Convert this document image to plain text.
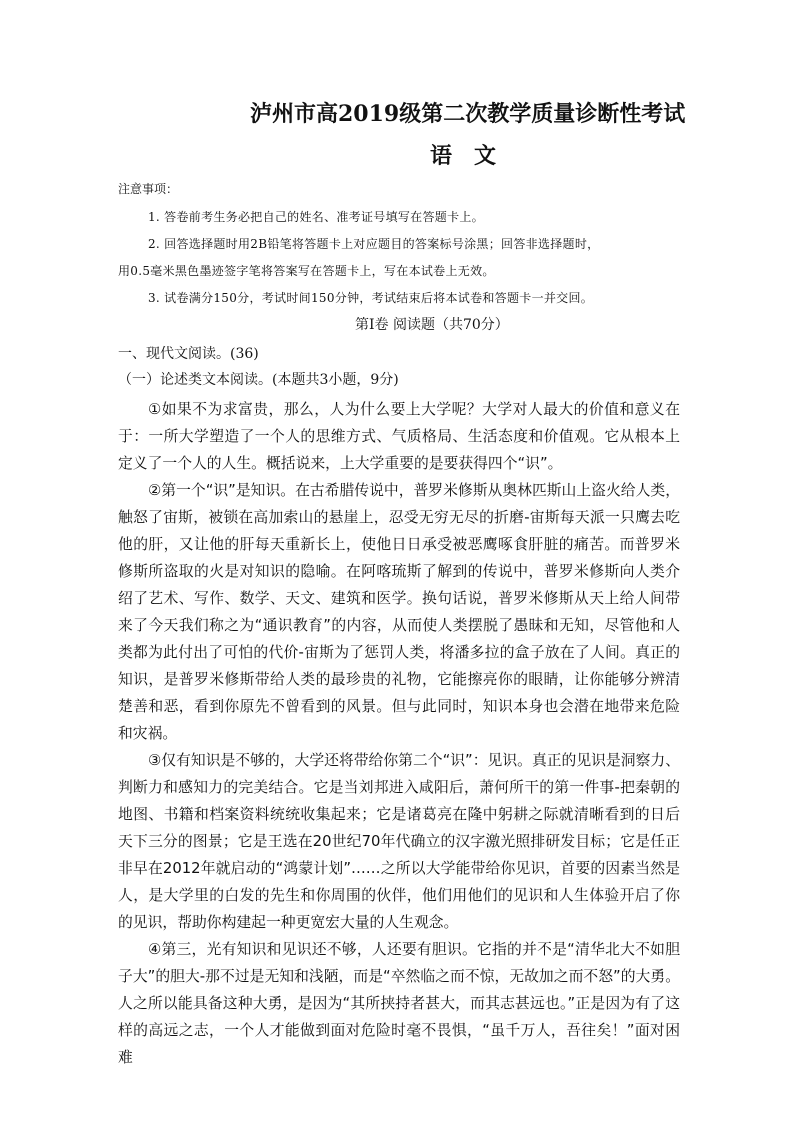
泸州市高2019级第二次教学质量诊断性考试
语　文
注意事项：
1. 答卷前考生务必把自己的姓名、准考证号填写在答题卡上。
2. 回答选择题时用2B铅笔将答题卡上对应题目的答案标号涂黑；回答非选择题时，
用0.5毫米黑色墨迹签字笔将答案写在答题卡上，写在本试卷上无效。
3. 试卷满分150分，考试时间150分钟，考试结束后将本试卷和答题卡一并交回。
第I卷 阅读题（共70分）
一、现代文阅读。(36)
（一）论述类文本阅读。(本题共3小题，9分)

①如果不为求富贵，那么，人为什么要上大学呢？大学对人最大的价值和意义在于：一所大学塑造了一个人的思维方式、气质格局、生活态度和价值观。它从根本上定义了一个人的人生。概括说来，上大学重要的是要获得四个“识”。

②第一个“识”是知识。在古希腊传说中，普罗米修斯从奥林匹斯山上盗火给人类，触怒了宙斯，被锁在高加索山的悬崖上，忍受无穷无尽的折磨-宙斯每天派一只鹰去吃他的肝，又让他的肝每天重新长上，使他日日承受被恶鹰啄食肝脏的痛苦。而普罗米修斯所盗取的火是对知识的隐喻。在阿喀琉斯了解到的传说中，普罗米修斯向人类介绍了艺术、写作、数学、天文、建筑和医学。换句话说，普罗米修斯从天上给人间带来了今天我们称之为“通识教育”的内容，从而使人类摆脱了愚昧和无知，尽管他和人类都为此付出了可怕的代价-宙斯为了惩罚人类，将潘多拉的盒子放在了人间。真正的知识，是普罗米修斯带给人类的最珍贵的礼物，它能擦亮你的眼睛，让你能够分辨清楚善和恶，看到你原先不曾看到的风景。但与此同时，知识本身也会潜在地带来危险和灾祸。

③仅有知识是不够的，大学还将带给你第二个“识”：见识。真正的见识是洞察力、判断力和感知力的完美结合。它是当刘邦进入咸阳后，萧何所干的第一件事-把秦朝的地图、书籍和档案资料统统收集起来；它是诸葛亮在隆中躬耕之际就清晰看到的日后天下三分的图景；它是王选在20世纪70年代确立的汉字激光照排研发目标；它是任正非早在2012年就启动的“鸿蒙计划”……之所以大学能带给你见识，首要的因素当然是人，是大学里的白发的先生和你周围的伙伴，他们用他们的见识和人生体验开启了你的见识，帮助你构建起一种更宽宏大量的人生观念。

④第三，光有知识和见识还不够，人还要有胆识。它指的并不是“清华北大不如胆子大”的胆大-那不过是无知和浅陋，而是“卒然临之而不惊，无故加之而不怒”的大勇。人之所以能具备这种大勇，是因为“其所挟持者甚大，而其志甚远也。”正是因为有了这样的高远之志，一个人才能做到面对危险时毫不畏惧，“虽千万人，吾往矣！”面对困难
